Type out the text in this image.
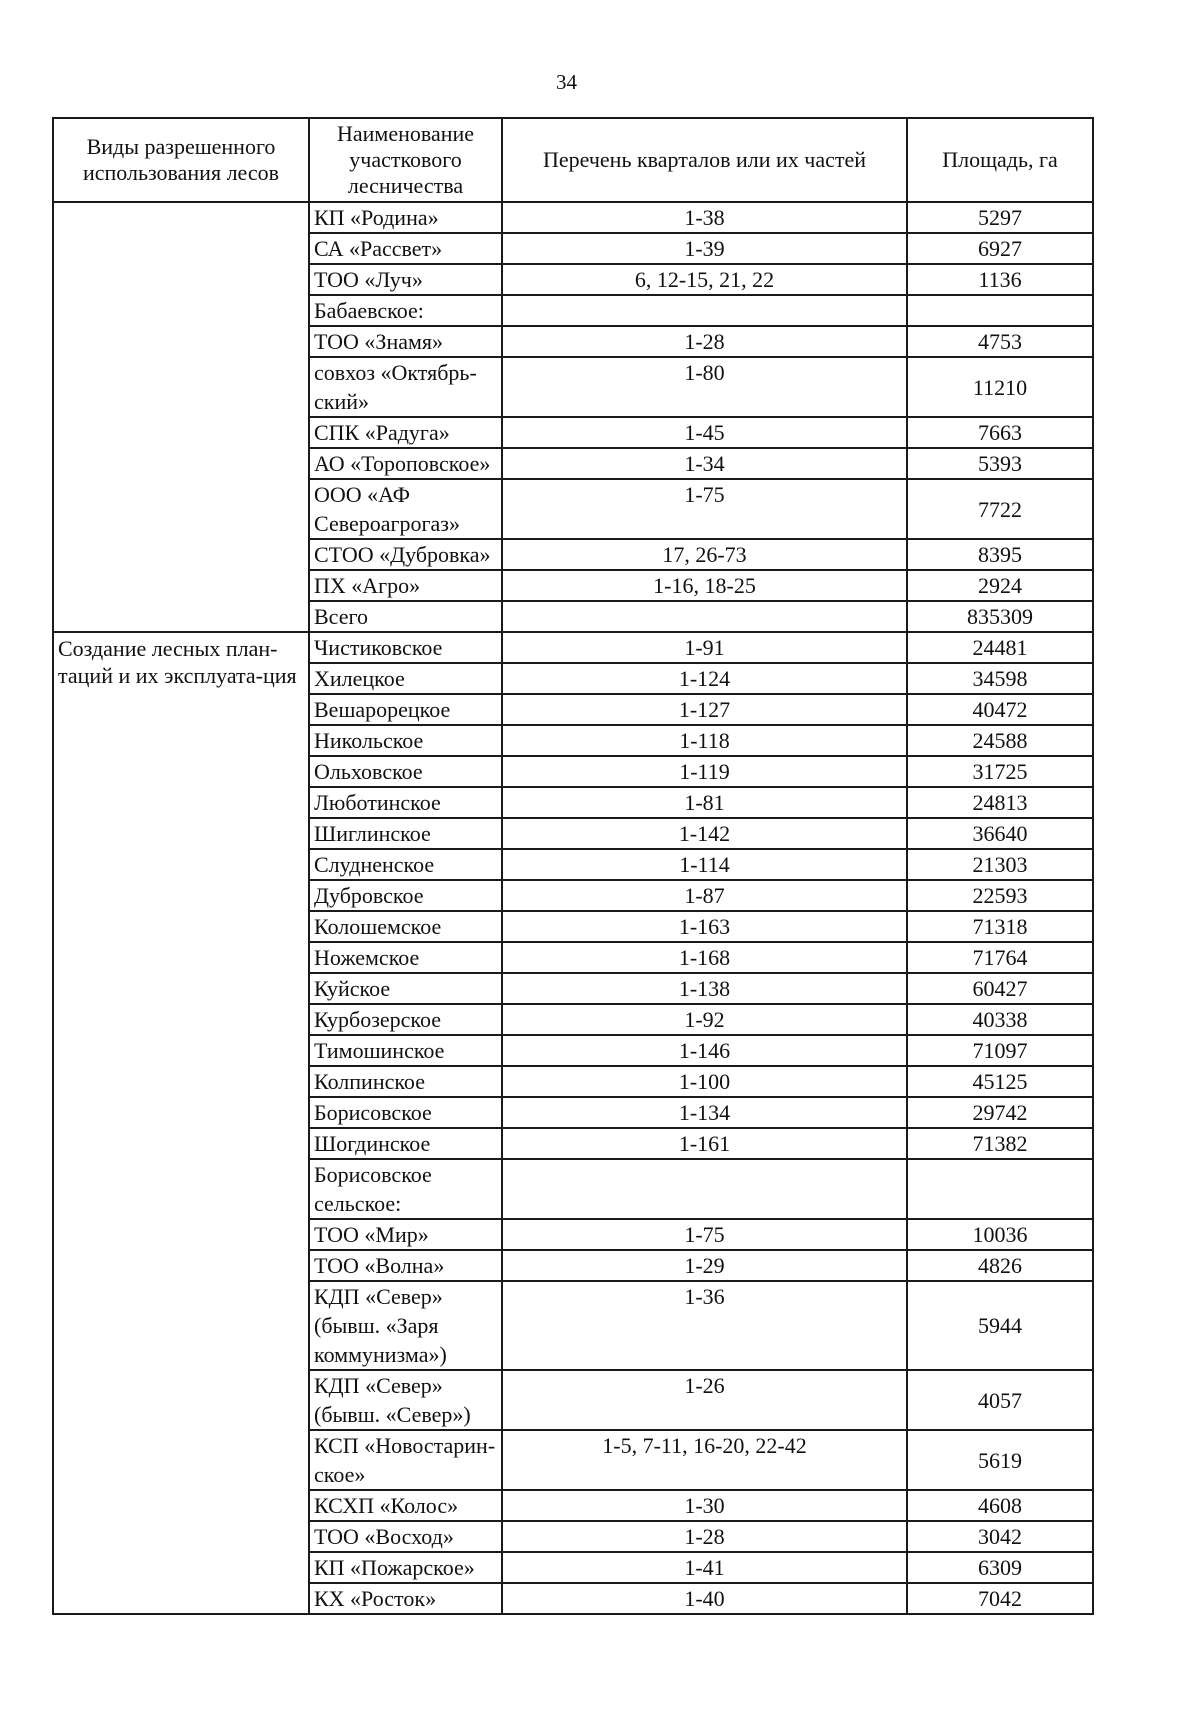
34
Виды разрешенного использования лесов	Наименование участкового лесничества	Перечень кварталов или их частей	Площадь, га
	КП «Родина»	1-38	5297
	СА «Рассвет»	1-39	6927
	ТОО «Луч»	6, 12-15, 21, 22	1136
	Бабаевское:		
	ТОО «Знамя»	1-28	4753
	совхоз «Октябрь-ский»	1-80	11210
	СПК «Радуга»	1-45	7663
	АО «Тороповское»	1-34	5393
	ООО «АФ Североагрогаз»	1-75	7722
	СТОО «Дубровка»	17, 26-73	8395
	ПХ «Агро»	1-16, 18-25	2924
	Всего		835309
Создание лесных план-таций и их эксплуата-ция	Чистиковское	1-91	24481
	Хилецкое	1-124	34598
	Вешарорецкое	1-127	40472
	Никольское	1-118	24588
	Ольховское	1-119	31725
	Люботинское	1-81	24813
	Шиглинское	1-142	36640
	Слудненское	1-114	21303
	Дубровское	1-87	22593
	Колошемское	1-163	71318
	Ножемское	1-168	71764
	Куйское	1-138	60427
	Курбозерское	1-92	40338
	Тимошинское	1-146	71097
	Колпинское	1-100	45125
	Борисовское	1-134	29742
	Шогдинское	1-161	71382
	Борисовское сельское:		
	ТОО «Мир»	1-75	10036
	ТОО «Волна»	1-29	4826
	КДП «Север» (бывш. «Заря коммунизма»)	1-36	5944
	КДП «Север» (бывш. «Север»)	1-26	4057
	КСП «Новостарин-ское»	1-5, 7-11, 16-20, 22-42	5619
	КСХП «Колос»	1-30	4608
	ТОО «Восход»	1-28	3042
	КП «Пожарское»	1-41	6309
	КХ «Росток»	1-40	7042
